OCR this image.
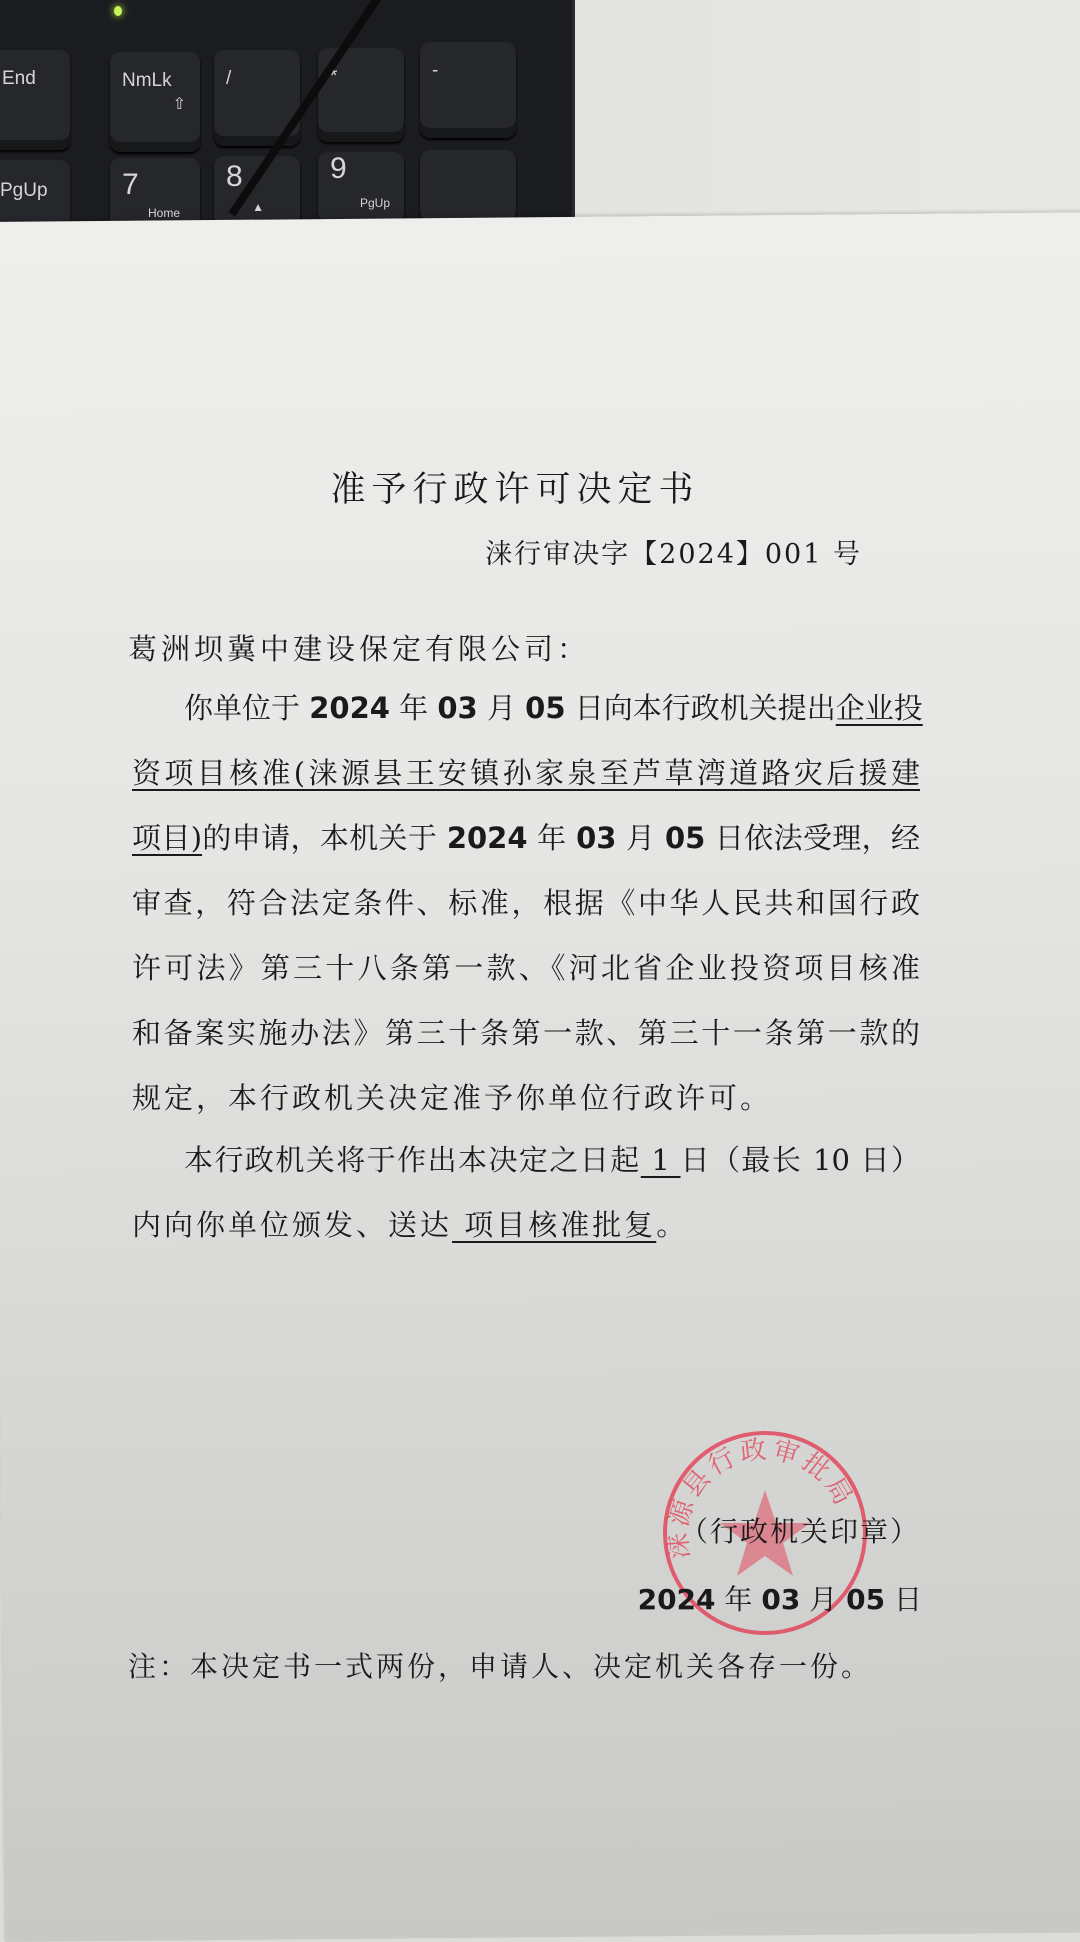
End	NmLk
⇧
/	*	-
PgUp 7
Home
8
▲
9
PgUp
准予行政许可决定书
涞行审决字【2024】001 号
葛洲坝冀中建设保定有限公司：
你单位于 2024 年 03 月 05 日向本行政机关提出企业投
资项目核准(涞源县王安镇孙家泉至芦草湾道路灾后援建
项目)的申请，本机关于 2024 年 03 月 05 日依法受理，经
审查，符合法定条件、标准，根据《中华人民共和国行政
许可法》第三十八条第一款、《河北省企业投资项目核准
和备案实施办法》第三十条第一款、第三十一条第一款的
规定，本行政机关决定准予你单位行政许可。
本行政机关将于作出本决定之日起 1 日（最长 10 日）
内向你单位颁发、送达 项目核准批复。
涞源县行政审批局
（行政机关印章）
2024 年 03 月 05 日
注：本决定书一式两份，申请人、决定机关各存一份。
